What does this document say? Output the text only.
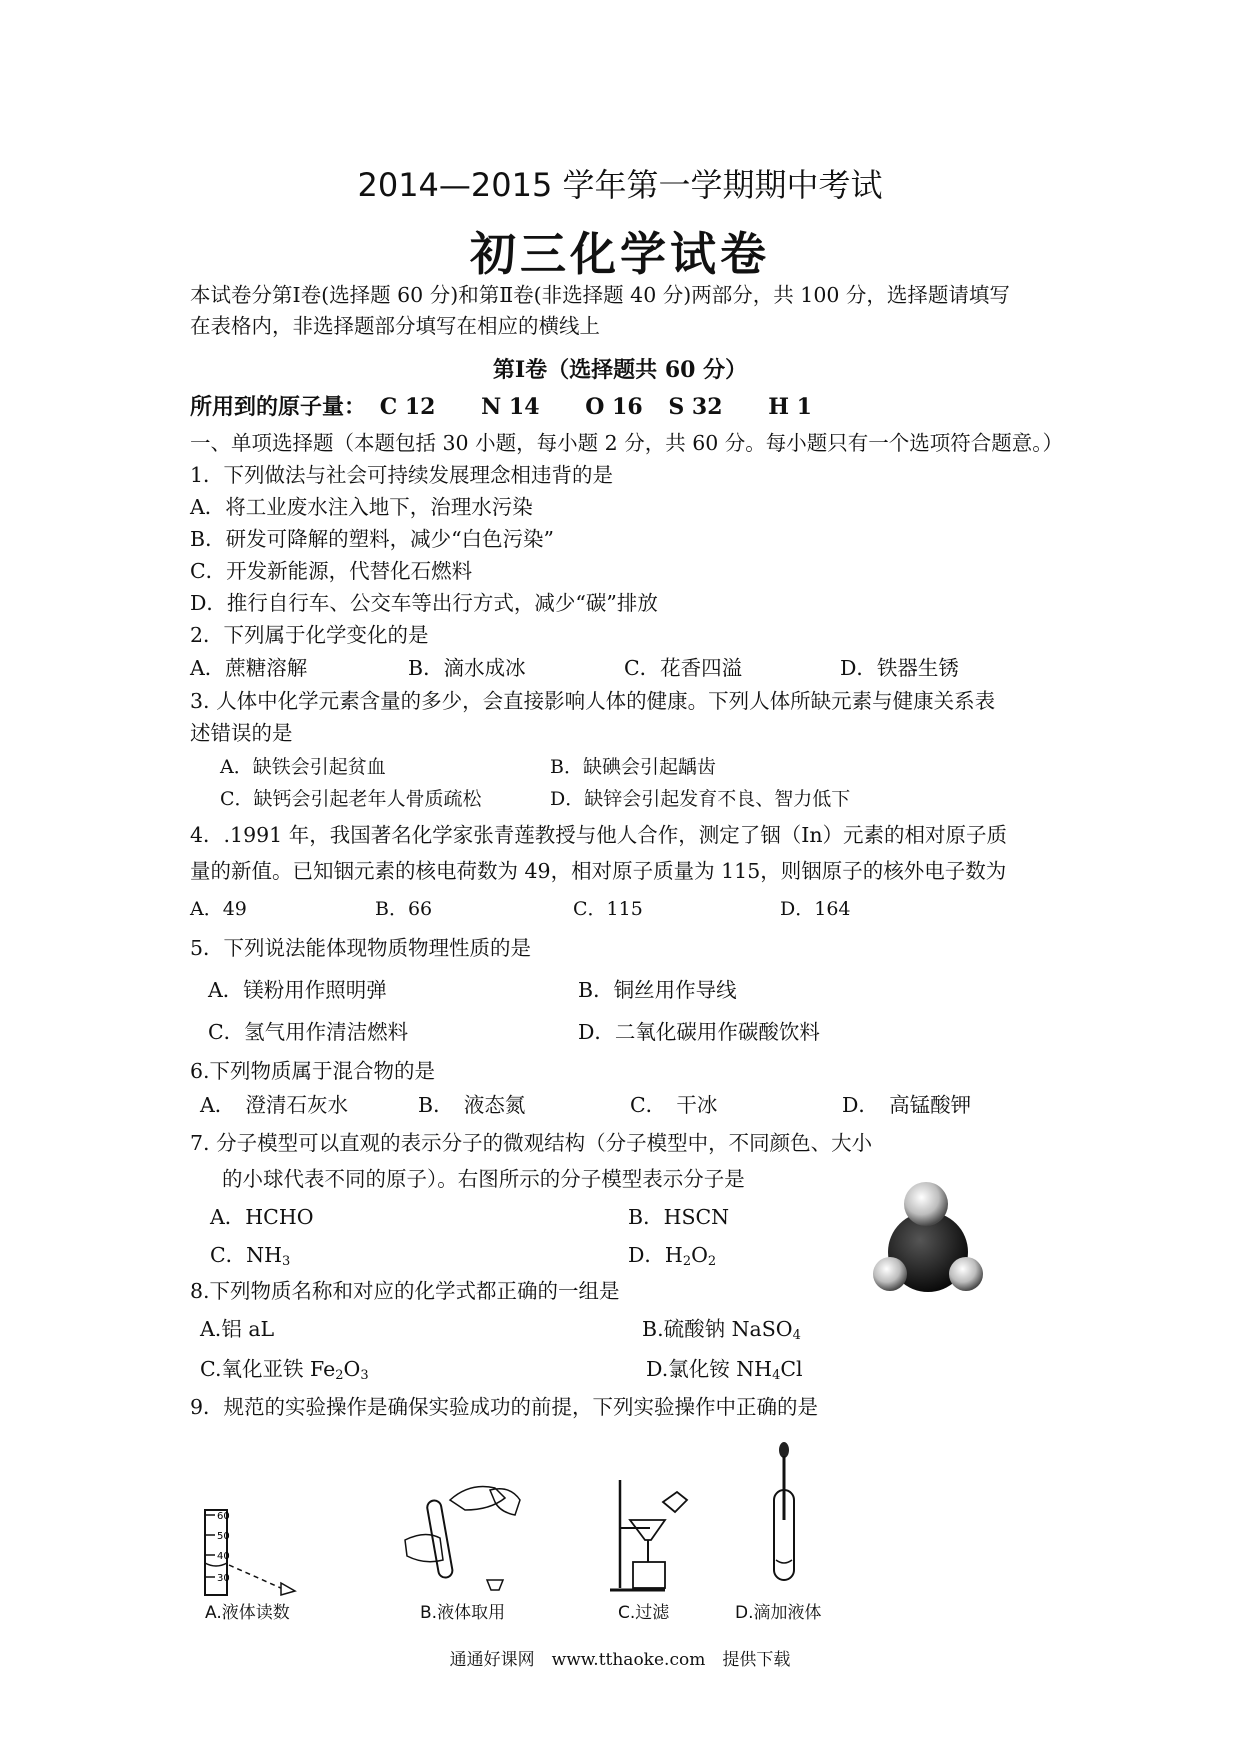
2014—2015 学年第一学期期中考试
初三化学试卷
本试卷分第Ⅰ卷(选择题 60 分)和第Ⅱ卷(非选择题 40 分)两部分，共 100 分，选择题请填写
在表格内，非选择题部分填写在相应的横线上
第Ⅰ卷（选择题共 60 分）
所用到的原子量： C 12 N 14 O 16 S 32 H 1
一、单项选择题（本题包括 30 小题，每小题 2 分，共 60 分。每小题只有一个选项符合题意。）
1．下列做法与社会可持续发展理念相违背的是
A．将工业废水注入地下，治理水污染
B．研发可降解的塑料，减少“白色污染”
C．开发新能源，代替化石燃料
D．推行自行车、公交车等出行方式，减少“碳”排放
2．下列属于化学变化的是
A．蔗糖溶解	B．滴水成冰	C．花香四溢	D．铁器生锈
3. 人体中化学元素含量的多少，会直接影响人体的健康。下列人体所缺元素与健康关系表
述错误的是
A．缺铁会引起贫血	B．缺碘会引起龋齿
C．缺钙会引起老年人骨质疏松	D．缺锌会引起发育不良、智力低下
4．.1991 年，我国著名化学家张青莲教授与他人合作，测定了铟（In）元素的相对原子质
量的新值。已知铟元素的核电荷数为 49，相对原子质量为 115，则铟原子的核外电子数为
A．49	B．66	C．115	D．164
5．下列说法能体现物质物理性质的是
A．镁粉用作照明弹	B．铜丝用作导线
C．氢气用作清洁燃料	D．二氧化碳用作碳酸饮料
6.下列物质属于混合物的是
A．　澄清石灰水	B．　液态氮	C．　干冰	D．　高锰酸钾
7. 分子模型可以直观的表示分子的微观结构（分子模型中，不同颜色、大小
的小球代表不同的原子）。右图所示的分子模型表示分子是
A．HCHO	B．HSCN
C．$NH_3$	D．$H_2O_2$
8.下列物质名称和对应的化学式都正确的一组是
A.铝 aL	B.硫酸钠 NaSO$_4$
C.氧化亚铁 $Fe_2O_3$	D.氯化铵 $NH_4Cl$
9．规范的实验操作是确保实验成功的前提，下列实验操作中正确的是
60
50
40
30
A.液体读数	B.液体取用	C.过滤	D.滴加液体
通通好课网　www.tthaoke.com　提供下载
